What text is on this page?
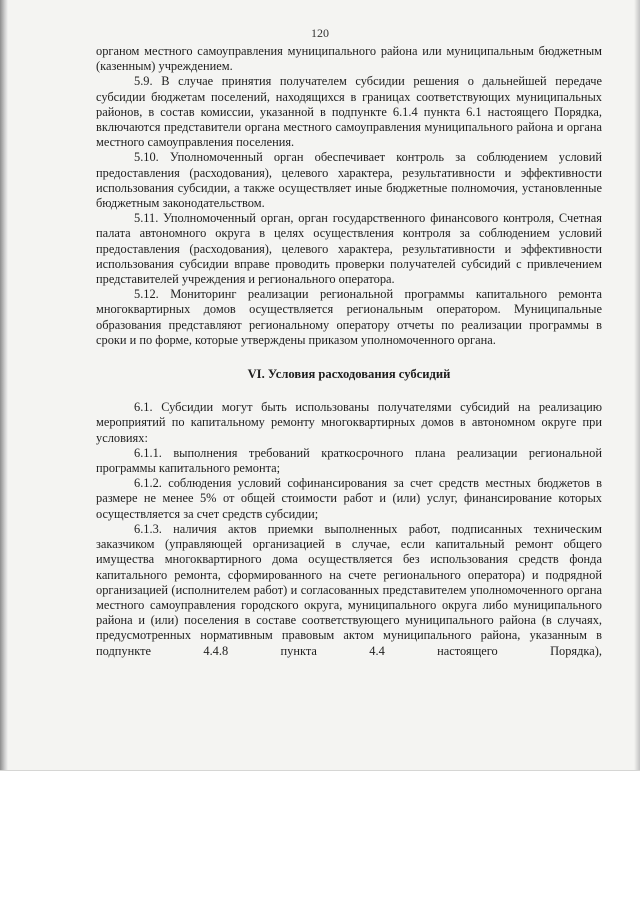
120

органом местного самоуправления муниципального района или муниципальным бюджетным (казенным) учреждением.

5.9. В случае принятия получателем субсидии решения о дальнейшей передаче субсидии бюджетам поселений, находящихся в границах соответствующих муниципальных районов, в состав комиссии, указанной в подпункте 6.1.4 пункта 6.1 настоящего Порядка, включаются представители органа местного самоуправления муниципального района и органа местного самоуправления поселения.

5.10. Уполномоченный орган обеспечивает контроль за соблюдением условий предоставления (расходования), целевого характера, результативности и эффективности использования субсидии, а также осуществляет иные бюджетные полномочия, установленные бюджетным законодательством.

5.11. Уполномоченный орган, орган государственного финансового контроля, Счетная палата автономного округа в целях осуществления контроля за соблюдением условий предоставления (расходования), целевого характера, результативности и эффективности использования субсидии вправе проводить проверки получателей субсидий с привлечением представителей учреждения и регионального оператора.

5.12. Мониторинг реализации региональной программы капитального ремонта многоквартирных домов осуществляется региональным оператором. Муниципальные образования представляют региональному оператору отчеты по реализации программы в сроки и по форме, которые утверждены приказом уполномоченного органа.

VI. Условия расходования субсидий

6.1. Субсидии могут быть использованы получателями субсидий на реализацию мероприятий по капитальному ремонту многоквартирных домов в автономном округе при условиях:

6.1.1. выполнения требований краткосрочного плана реализации региональной программы капитального ремонта;

6.1.2. соблюдения условий софинансирования за счет средств местных бюджетов в размере не менее 5% от общей стоимости работ и (или) услуг, финансирование которых осуществляется за счет средств субсидии;

6.1.3. наличия актов приемки выполненных работ, подписанных техническим заказчиком (управляющей организацией в случае, если капитальный ремонт общего имущества многоквартирного дома осуществляется без использования средств фонда капитального ремонта, сформированного на счете регионального оператора) и подрядной организацией (исполнителем работ) и согласованных представителем уполномоченного органа местного самоуправления городского округа, муниципального округа либо муниципального района и (или) поселения в составе соответствующего муниципального района (в случаях, предусмотренных нормативным правовым актом муниципального района, указанным в подпункте 4.4.8 пункта 4.4 настоящего Порядка),
